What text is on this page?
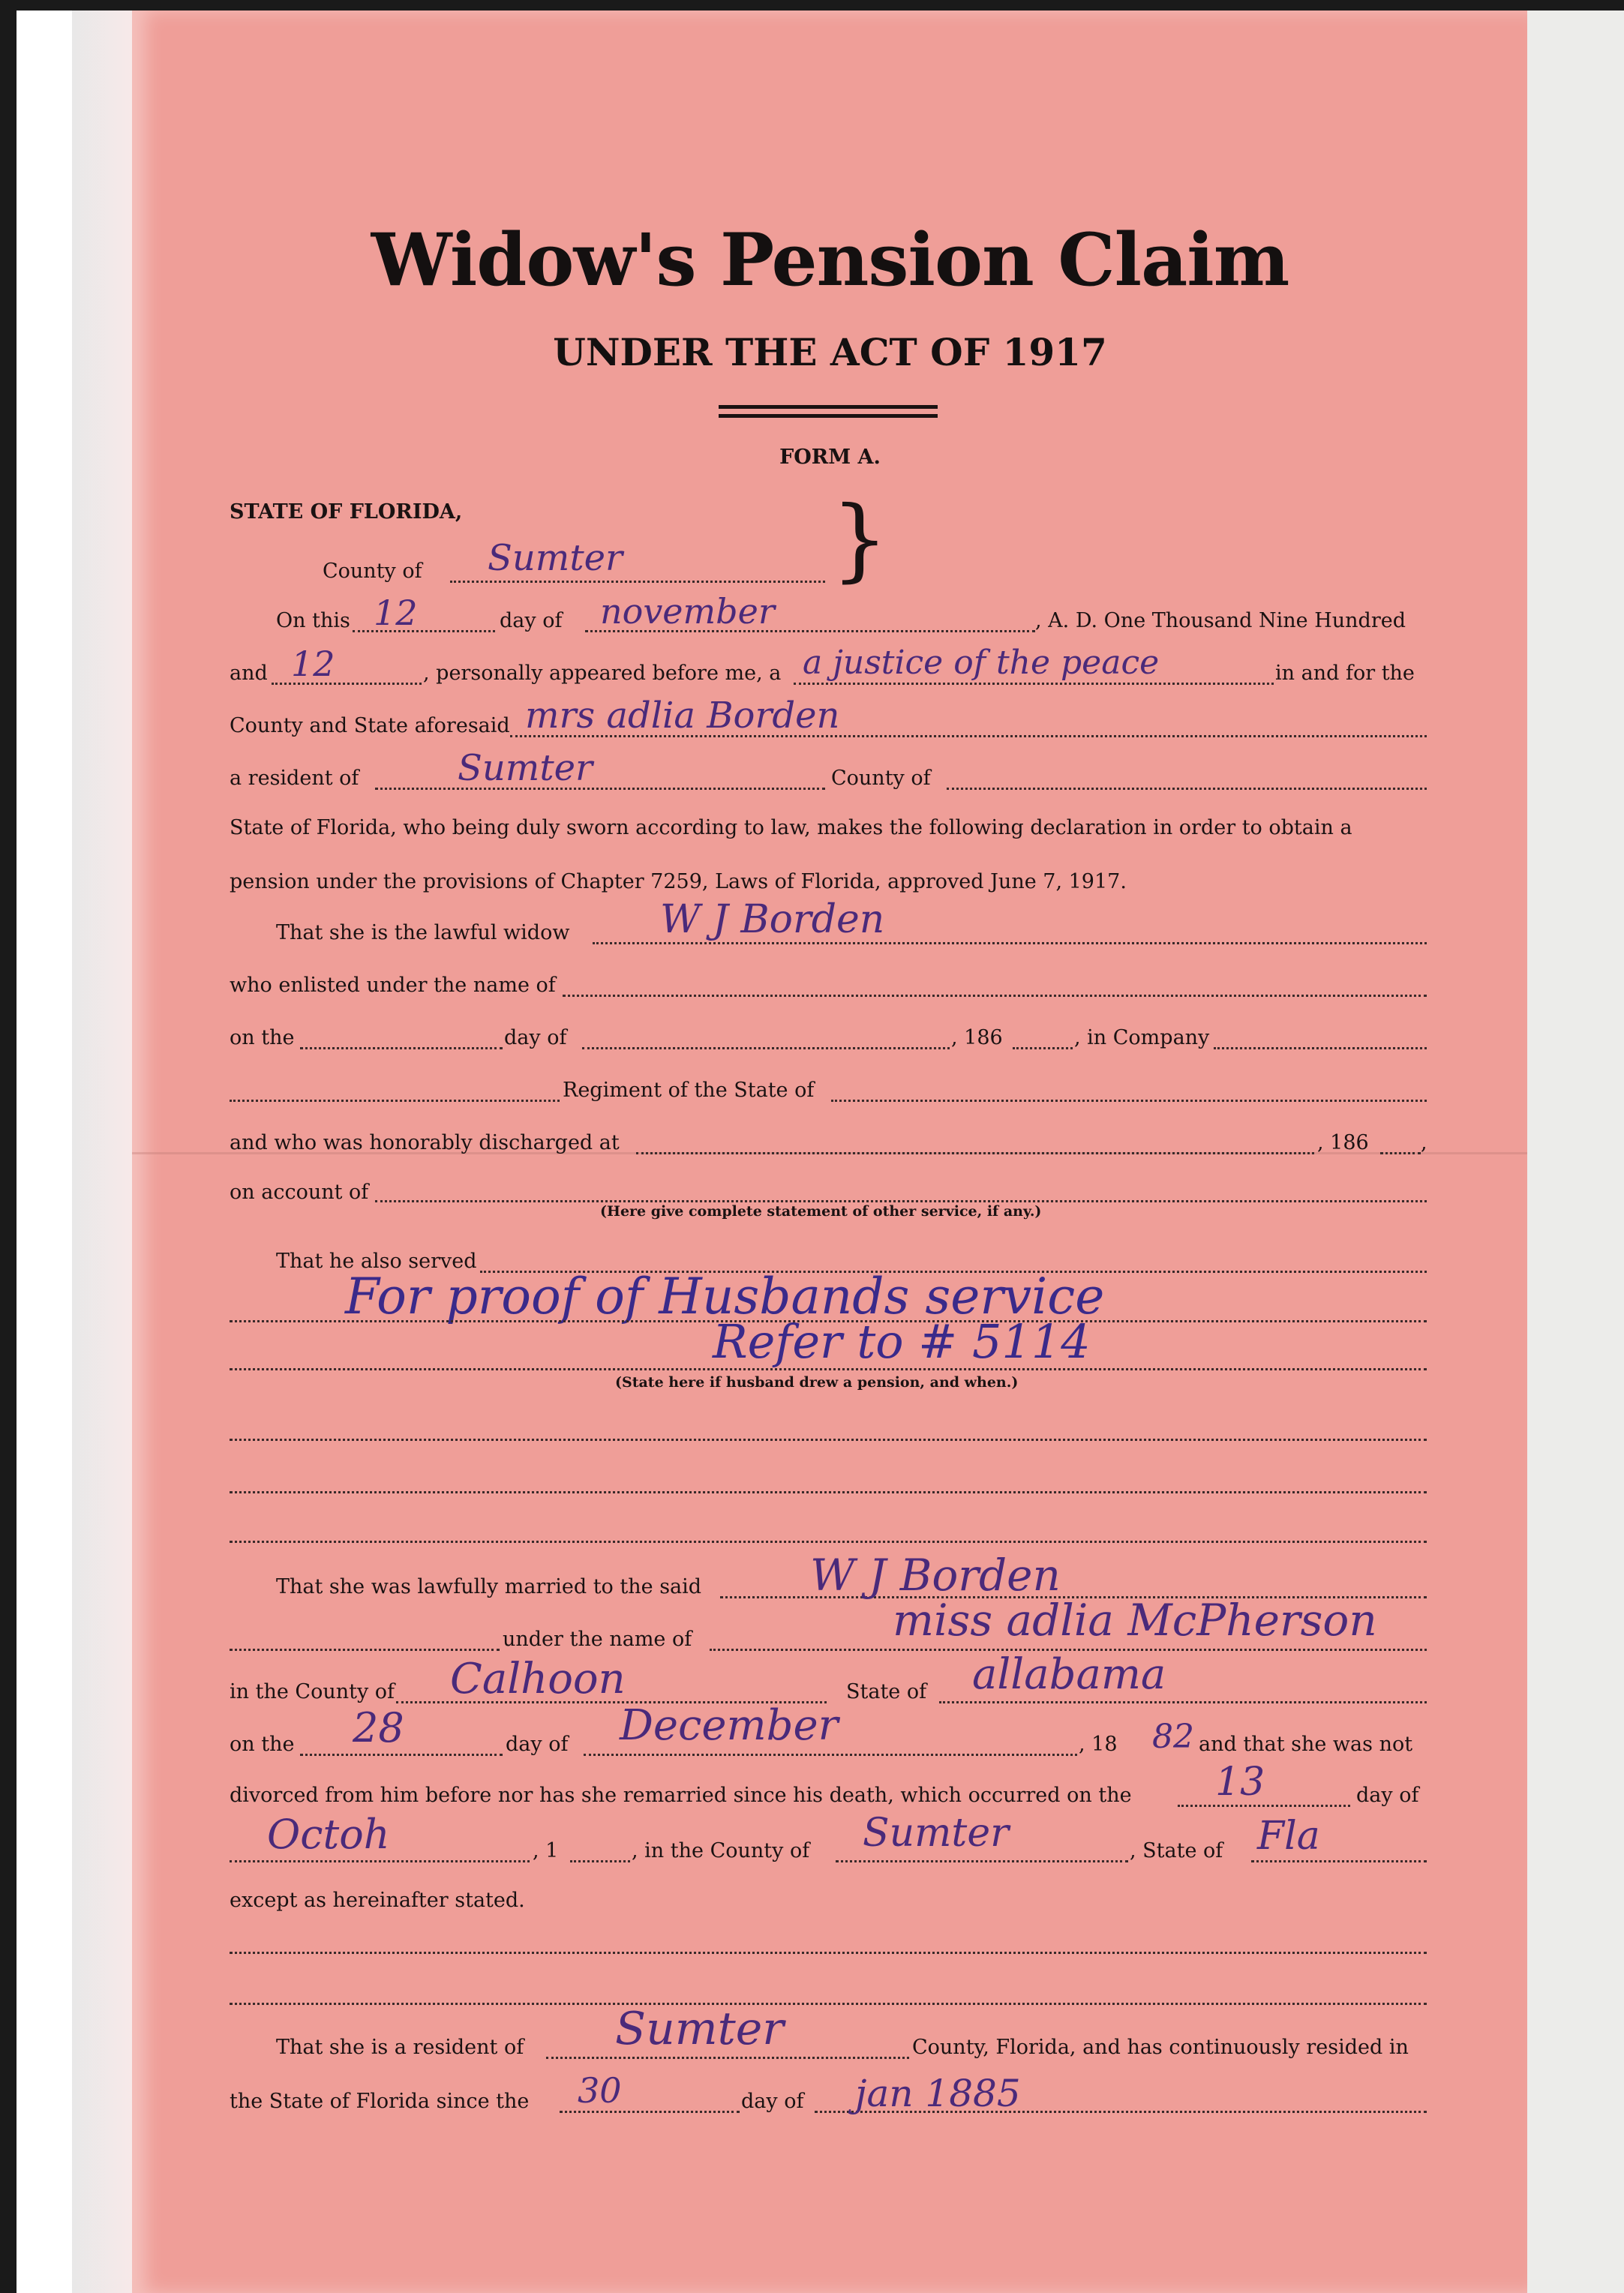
Widow's Pension Claim
UNDER THE ACT OF 1917
FORM A.
STATE OF FLORIDA,
County of Sumter }
On this 12	day of november	, A. D. One Thousand Nine Hundred
and 12	, personally appeared before me, a a justice of the peace	in and for the
County and State aforesaid mrs adlia Borden
a resident of	Sumter	County of
State of Florida, who being duly sworn according to law, makes the following declaration in order to obtain a
pension under the provisions of Chapter 7259, Laws of Florida, approved June 7, 1917.
That she is the lawful widow W J Borden
who enlisted under the name of
on the	day of	, 186	, in Company
Regiment of the State of
and who was honorably discharged at	, 186	,
on account of
(Here give complete statement of other service, if any.)
That he also served
For proof of Husbands service
Refer to # 5114
(State here if husband drew a pension, and when.)
That she was lawfully married to the said W J Borden
under the name of	miss adlia McPherson
in the County of Calhoon	State of allabama
on the 28	day of December	, 18 82 and that she was not
divorced from him before nor has she remarried since his death, which occurred on the 13	day of
Octoh	, 1	, in the County of Sumter	, State of Fla
except as hereinafter stated.
That she is a resident of Sumter	County, Florida, and has continuously resided in
the State of Florida since the 30	day of jan 1885
